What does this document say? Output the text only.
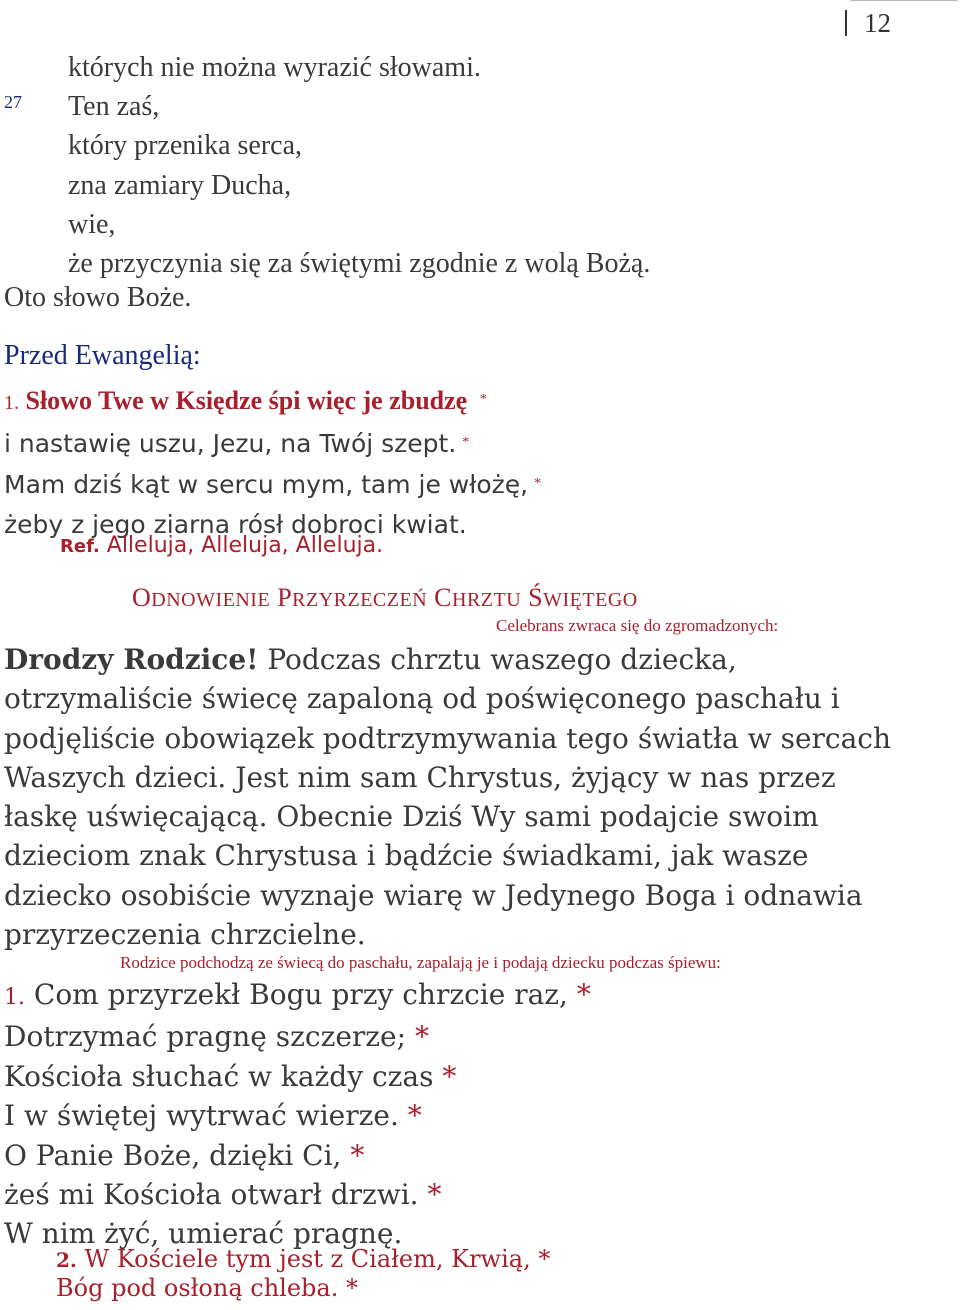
12
27
których nie można wyrazić słowami.
Ten zaś,
który przenika serca,
zna zamiary Ducha,
wie,
że przyczynia się za świętymi zgodnie z wolą Bożą.
Oto słowo Boże.
Przed Ewangelią:
1. Słowo Twe w Księdze śpi więc je zbudzę *
i nastawię uszu, Jezu, na Twój szept. *
Mam dziś kąt w sercu mym, tam je włożę, *
żeby z jego ziarna rósł dobroci kwiat.
Ref. Alleluja, Alleluja, Alleluja.
ODNOWIENIE PRZYRZECZEŃ CHRZTU ŚWIĘTEGO
Celebrans zwraca się do zgromadzonych:

Drodzy Rodzice! Podczas chrztu waszego dziecka,

otrzymaliście świecę zapaloną od poświęconego paschału i

podjęliście obowiązek podtrzymywania tego światła w sercach

Waszych dzieci. Jest nim sam Chrystus, żyjący w nas przez

łaskę uświęcającą. Obecnie Dziś Wy sami podajcie swoim

dzieciom znak Chrystusa i bądźcie świadkami, jak wasze

dziecko osobiście wyznaje wiarę w Jedynego Boga i odnawia

przyrzeczenia chrzcielne.

Rodzice podchodzą ze świecą do paschału, zapalają je i podają dziecku podczas śpiewu:
1. Com przyrzekł Bogu przy chrzcie raz, *
Dotrzymać pragnę szczerze; *
Kościoła słuchać w każdy czas *
I w świętej wytrwać wierze. *
O Panie Boże, dzięki Ci, *
żeś mi Kościoła otwarł drzwi. *
W nim żyć, umierać pragnę.
2. W Kościele tym jest z Ciałem, Krwią, *
Bóg pod osłoną chleba. *
